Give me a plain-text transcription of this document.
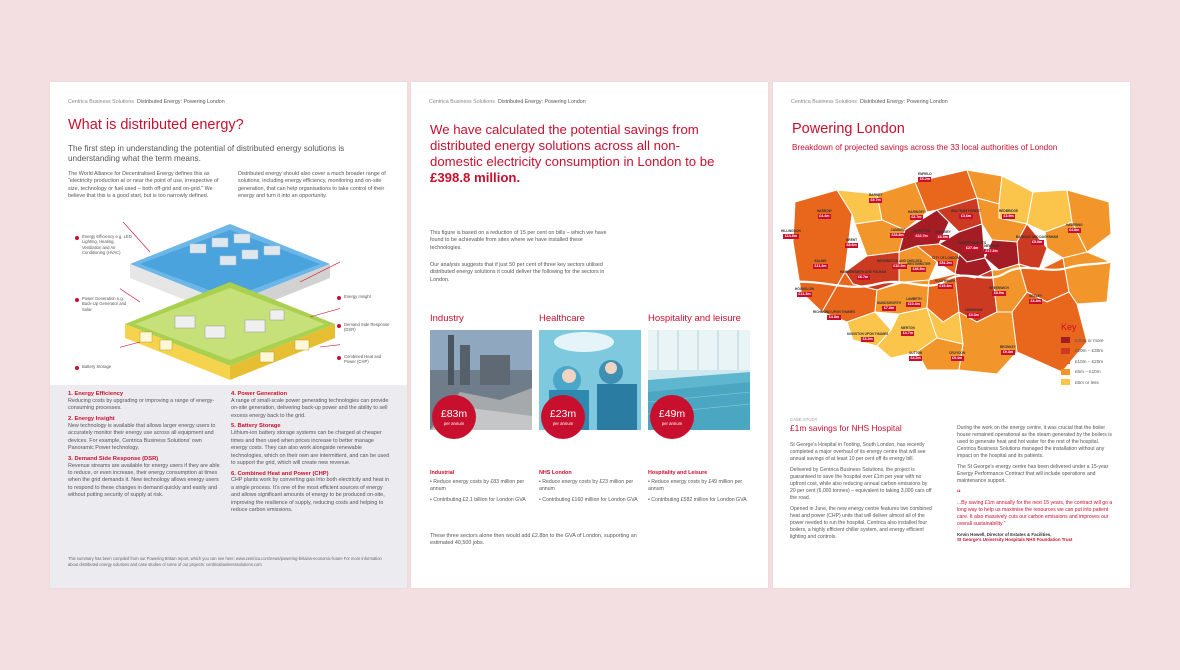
Centrica Business Solutions Distributed Energy: Powering London
What is distributed energy?
The first step in understanding the potential of distributed energy solutions is understanding what the term means.
The World Alliance for Decentralised Energy defines this as "electricity production at or near the point of use, irrespective of size, technology or fuel used – both off-grid and on-grid." We believe that this is a good start, but is too narrowly defined.
Distributed energy should also cover a much broader range of solutions, including energy efficiency, monitoring and on-site generation, that can help organisations to take control of their energy and turn it into an opportunity.
Energy Efficiency e.g. LED Lighting, Heating, Ventilation and Air Conditioning (HVAC)
Power Generation e.g. Back-Up Generator and Solar
Battery Storage
Energy Insight
Demand Side Response (DSR)
Combined Heat and Power (CHP)
1. Energy Efficiency
Reducing costs by upgrading or improving a range of energy-consuming processes.
2. Energy Insight
New technology is available that allows larger energy users to accurately monitor their energy use across all equipment and devices. For example, Centrica Business Solutions' own Panoramic Power technology.
3. Demand Side Response (DSR)
Revenue streams are available for energy users if they are able to reduce, or even increase, their energy consumption at times when the grid demands it. New technology allows energy users to respond to these changes in demand quickly and easily and without putting security of supply at risk.
4. Power Generation
A range of small-scale power generating technologies can provide on-site generation, delivering back-up power and the ability to sell excess energy back to the grid.
5. Battery Storage
Lithium-ion battery storage systems can be charged at cheaper times and then used when prices increase to better manage energy costs. They can also work alongside renewable technologies, which on their own are intermittent, and can be used to support the grid, which will create new revenue.
6. Combined Heat and Power (CHP)
CHP plants work by converting gas into both electricity and heat in a single process. It's one of the most efficient sources of energy and allows significant amounts of energy to be produced on-site, improving the resilience of supply, reducing costs and helping to reduce carbon emissions.
This summary has been compiled from our Powering Britain report, which you can see here: www.centrica.com/news/powering-britains-economic-future For more information about distributed energy solutions and case studies of some of our projects: centricabusinesssolutions.com
Centrica Business Solutions Distributed Energy: Powering London
We have calculated the potential savings from distributed energy solutions across all non-domestic electricity consumption in London to be £398.8 million.
This figure is based on a reduction of 15 per cent on bills – which we have found to be achievable from sites where we have installed these technologies.
Our analysis suggests that if just 50 per cent of three key sectors utilised distributed energy solutions it could deliver the following for the sectors in London.
Industry	Healthcare	Hospitality and leisure
£83m
per annum
£23m
per annum
£49m
per annum
Industrial
• Reduce energy costs by £83 million per annum
• Contributing £2.1 billion for London GVA
NHS London
• Reduce energy costs by £23 million per annum
• Contributing £160 million for London GVA
Hospitality and Leisure
• Reduce energy costs by £49 million per annum
• Contributing £582 million for London GVA
These three sectors alone then would add £2.8bn to the GVA of London, supporting an estimated 40,500 jobs.
Centrica Business Solutions Distributed Energy: Powering London
Powering London
Breakdown of projected savings across the 33 local authorities of London
ENFIELD
£6.2m
BARNET
£9.7m
HARINGEY
£3.7m
WALTHAM FOREST
£3.6m
REDBRIDGE
£3.9m
HAVERING
£4.8m
HILLINGDON
£14.8m
HARROW
£4.4m
BRENT
£8.6m
CAMDEN
£33.8m
ISLINGTON
£22.7m
HACKNEY
£6.9m
TOWER HAMLETS
£27.4m	NEWHAM
£17.2m
BARKING AND DAGENHAM
£5.0m
EALING
£11.2m
HAMMERSMITH AND FULHAM
£6.7m
KENSINGTON AND CHELSEA
£10.2m WESTMINSTER
£46.8m
CITY OF LONDON
£51.2m
HOUNSLOW
£14.3m
RICHMOND UPON THAMES
£4.8m
WANDSWORTH
£7.8m
LAMBETH
£10.4m
SOUTHWARK
£19.4m
LEWISHAM
£4.3m
GREENWICH
£8.9m
BEXLEY
£4.4m
KINGSTON UPON THAMES
£3.2m
MERTON
£4.7m
SUTTON
£4.2m
CROYDON
£9.4m
BROMLEY
£9.3m
Key
£30m or more
£20m – £30m
£10m – £20m
£5m – £10m
£5m or less
CASE STUDY
£1m savings for NHS Hospital
St George's Hospital in Tooting, South London, has recently completed a major overhaul of its energy centre that will see annual savings of at least 10 per cent off its energy bill.
Delivered by Centrica Business Solutions, the project is guaranteed to save the hospital over £1m per year with no upfront cost, while also reducing annual carbon emissions by 20 per cent (6,000 tonnes) – equivalent to taking 3,000 cars off the road.
Opened in June, the new energy centre features two combined heat and power (CHP) units that will deliver almost all of the power needed to run the hospital. Centrica also installed four boilers, a highly efficient chiller system, and energy efficient lighting and controls.
During the work on the energy centre, it was crucial that the boiler house remained operational as the steam generated by the boilers is used to generate heat and hot water for the rest of the hospital. Centrica Business Solutions managed the installation without any impact on the hospital and its patients.
The St George's energy centre has been delivered under a 15-year Energy Performance Contract that will include operations and maintenance support.
“
...By saving £1m annually for the next 15 years, the contract will go a long way to help us maximise the resources we can put into patient care. It also massively cuts our carbon emissions and improves our overall sustainability."
Kevin Howell, Director of Estates & Facilities,
St George's University Hospitals NHS Foundation Trust
